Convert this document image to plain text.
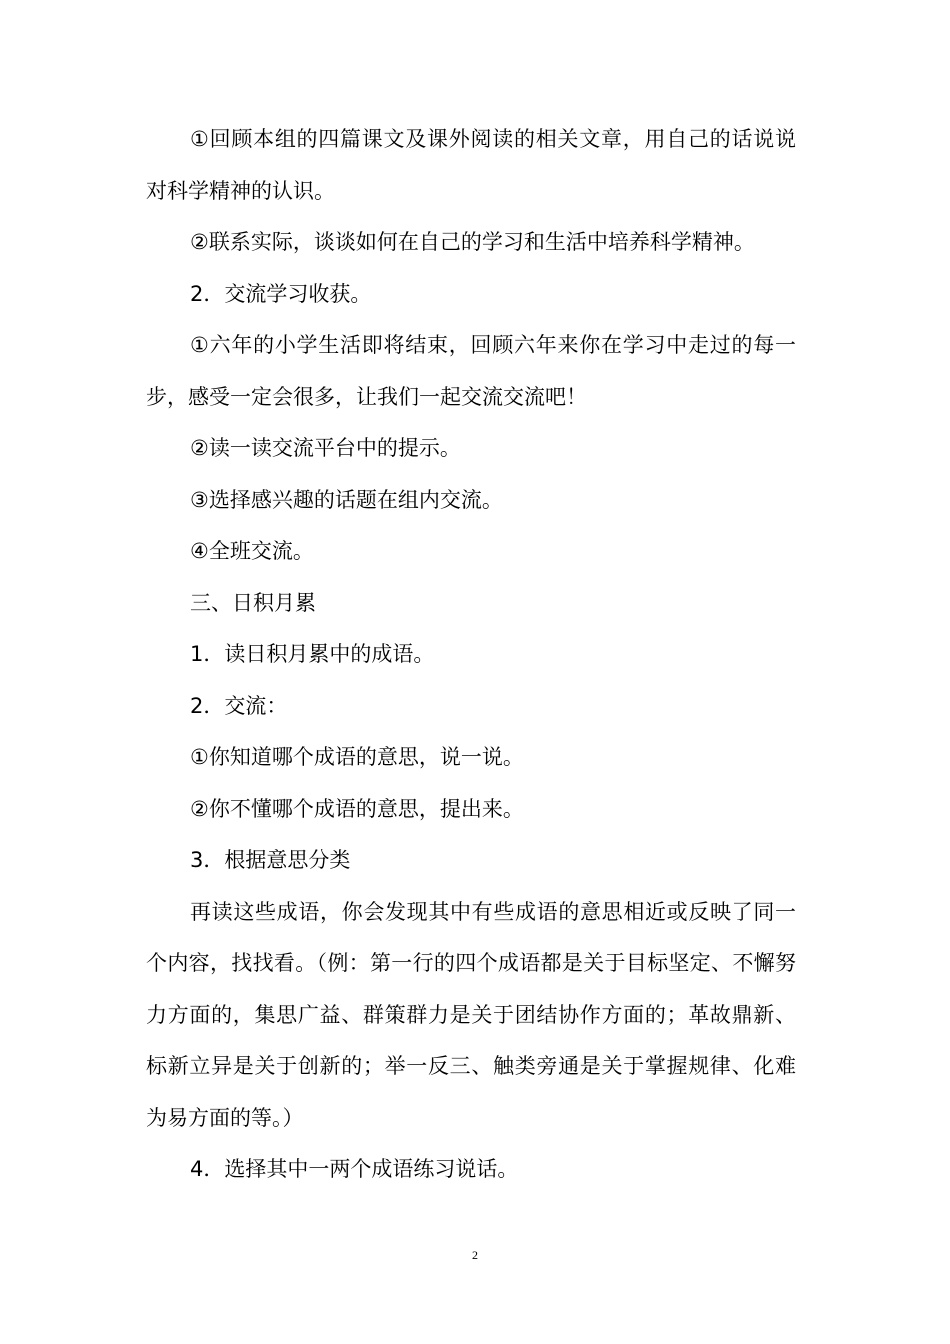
①回顾本组的四篇课文及课外阅读的相关文章，用自己的话说说对科学精神的认识。

②联系实际，谈谈如何在自己的学习和生活中培养科学精神。

2．交流学习收获。

①六年的小学生活即将结束，回顾六年来你在学习中走过的每一步，感受一定会很多，让我们一起交流交流吧！

②读一读交流平台中的提示。

③选择感兴趣的话题在组内交流。

④全班交流。

三、日积月累

1．读日积月累中的成语。

2．交流：

①你知道哪个成语的意思，说一说。

②你不懂哪个成语的意思，提出来。

3．根据意思分类

再读这些成语，你会发现其中有些成语的意思相近或反映了同一个内容，找找看。（例：第一行的四个成语都是关于目标坚定、不懈努力方面的，集思广益、群策群力是关于团结协作方面的；革故鼎新、标新立异是关于创新的；举一反三、触类旁通是关于掌握规律、化难为易方面的等。）

4．选择其中一两个成语练习说话。

2
